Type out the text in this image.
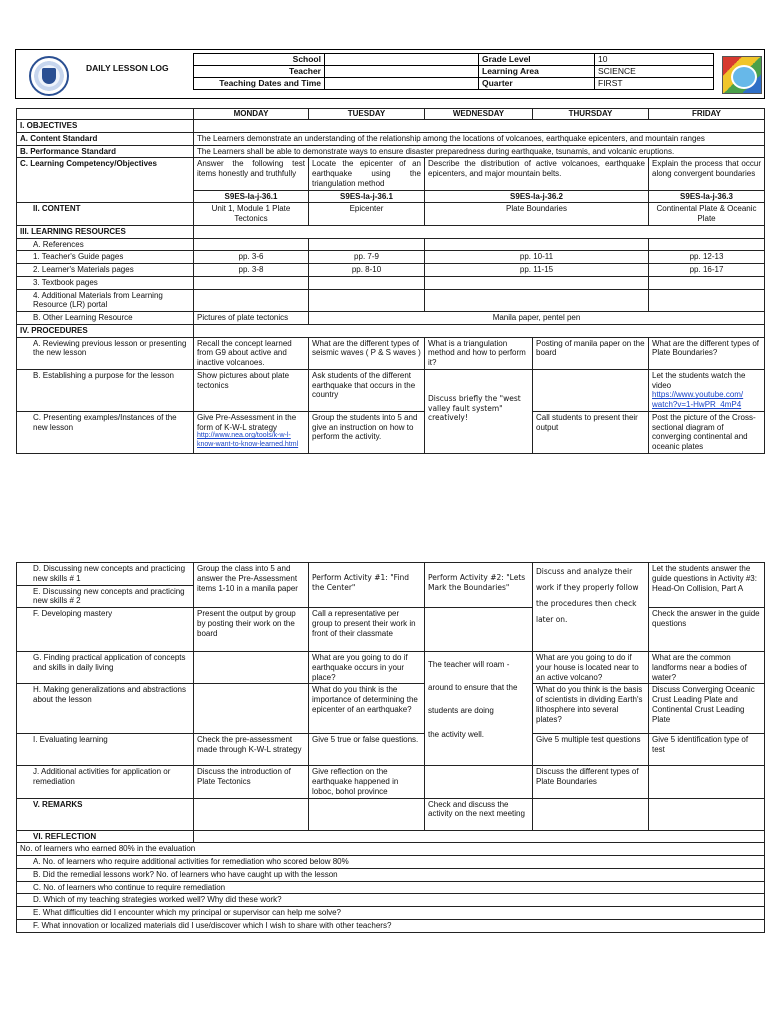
DAILY LESSON LOG
School		Grade Level	10
Teacher		Learning Area	SCIENCE
Teaching Dates and Time		Quarter	FIRST
	MONDAY	TUESDAY	WEDNESDAY	THURSDAY	FRIDAY
I. OBJECTIVES					
A. Content Standard	The Learners demonstrate an understanding of the relationship among the locations of volcanoes, earthquake epicenters, and mountain ranges				
B. Performance Standard	The Learners shall be able to demonstrate ways to ensure disaster preparedness during earthquake, tsunamis, and volcanic eruptions.				
C. Learning Competency/Objectives	Answer the following test items honestly and truthfully	Locate the epicenter of an earthquake using the triangulation method	Describe the distribution of active volcanoes, earthquake epicenters, and major mountain belts.		Explain the process that occur along convergent boundaries
	S9ES-Ia-j-36.1	S9ES-Ia-j-36.1	S9ES-Ia-j-36.2		S9ES-Ia-j-36.3
II. CONTENT	Unit 1, Module 1 Plate Tectonics	Epicenter	Plate Boundaries		Continental Plate & Oceanic Plate
III. LEARNING RESOURCES					
A. References					
1. Teacher's Guide pages	pp. 3-6	pp. 7-9	pp. 10-11		pp. 12-13
2. Learner's Materials pages	pp. 3-8	pp. 8-10	pp. 11-15		pp. 16-17
3. Textbook pages					
4. Additional Materials from Learning Resource (LR) portal					
B. Other Learning Resource	Pictures of plate tectonics	Manila paper, pentel pen			
IV. PROCEDURES					
A. Reviewing previous lesson or presenting the new lesson	Recall the concept learned from G9 about active and inactive volcanoes.	What are the different types of seismic waves ( P & S waves )	What is a triangulation method and how to perform it?	Posting of manila paper on the board	What are the different types of Plate Boundaries?
B. Establishing a purpose for the lesson	Show pictures about plate tectonics	Ask students of the different earthquake that occurs in the country	Discuss briefly the "west valley fault system" creatively!		Let the students watch the video
https://www.youtube.com/ watch?v=1-HwPR_4mP4

C. Presenting examples/Instances of the new lesson	Give Pre-Assessment in the form of K-W-L strategy
http://www.nea.org/tools/k-w-l-know-want-to-know-learned.html	Group the students into 5 and give an instruction on how to perform the activity.		Call students to present their output	Post the picture of the Cross-sectional diagram of converging continental and oceanic plates
D. Discussing new concepts and practicing new skills # 1	Group the class into 5 and answer the Pre-Assessment items 1-10 in a manila paper	Perform Activity #1: "Find the Center"	Perform Activity #2: "Lets Mark the Boundaries"	Discuss and analyze their work if they properly follow the procedures then check later on.	Let the students answer the guide questions in Activity #3: Head-On Collision, Part A
E. Discussing new concepts and practicing new skills # 2					
F. Developing mastery	Present the output by group by posting their work on the board	Call a representative per group to present their work in front of their classmate			Check the answer in the guide questions
G. Finding practical application of concepts and skills in daily living		What are you going to do if earthquake occurs in your place?	The teacher will roam -
around to ensure that the students are doing
the activity well.	What are you going to do if your house is located near to an active volcano?	What are the common landforms near a bodies of water?
H. Making generalizations and abstractions about the lesson		What do you think is the importance of determining the epicenter of an earthquake?		What do you think is the basis of scientists in dividing Earth's lithosphere into several plates?	Discuss Converging Oceanic Crust Leading Plate and Continental Crust Leading Plate
I. Evaluating learning	Check the pre-assessment made through K-W-L strategy	Give 5 true or false questions.		Give 5 multiple test questions	Give 5 identification type of test
J. Additional activities for application or remediation	Discuss the introduction of Plate Tectonics	Give reflection on the earthquake happened in loboc, bohol province		Discuss the different types of Plate Boundaries	
V. REMARKS			Check and discuss the activity on the next meeting		
VI. REFLECTION					
No. of learners who earned 80% in the evaluation					
A. No. of learners who require additional activities for remediation who scored below 80%					
B. Did the remedial lessons work? No. of learners who have caught up with the lesson					
C. No. of learners who continue to require remediation					
D. Which of my teaching strategies worked well? Why did these work?					
E. What difficulties did I encounter which my principal or supervisor can help me solve?					
F. What innovation or localized materials did I use/discover which I wish to share with other teachers?					
